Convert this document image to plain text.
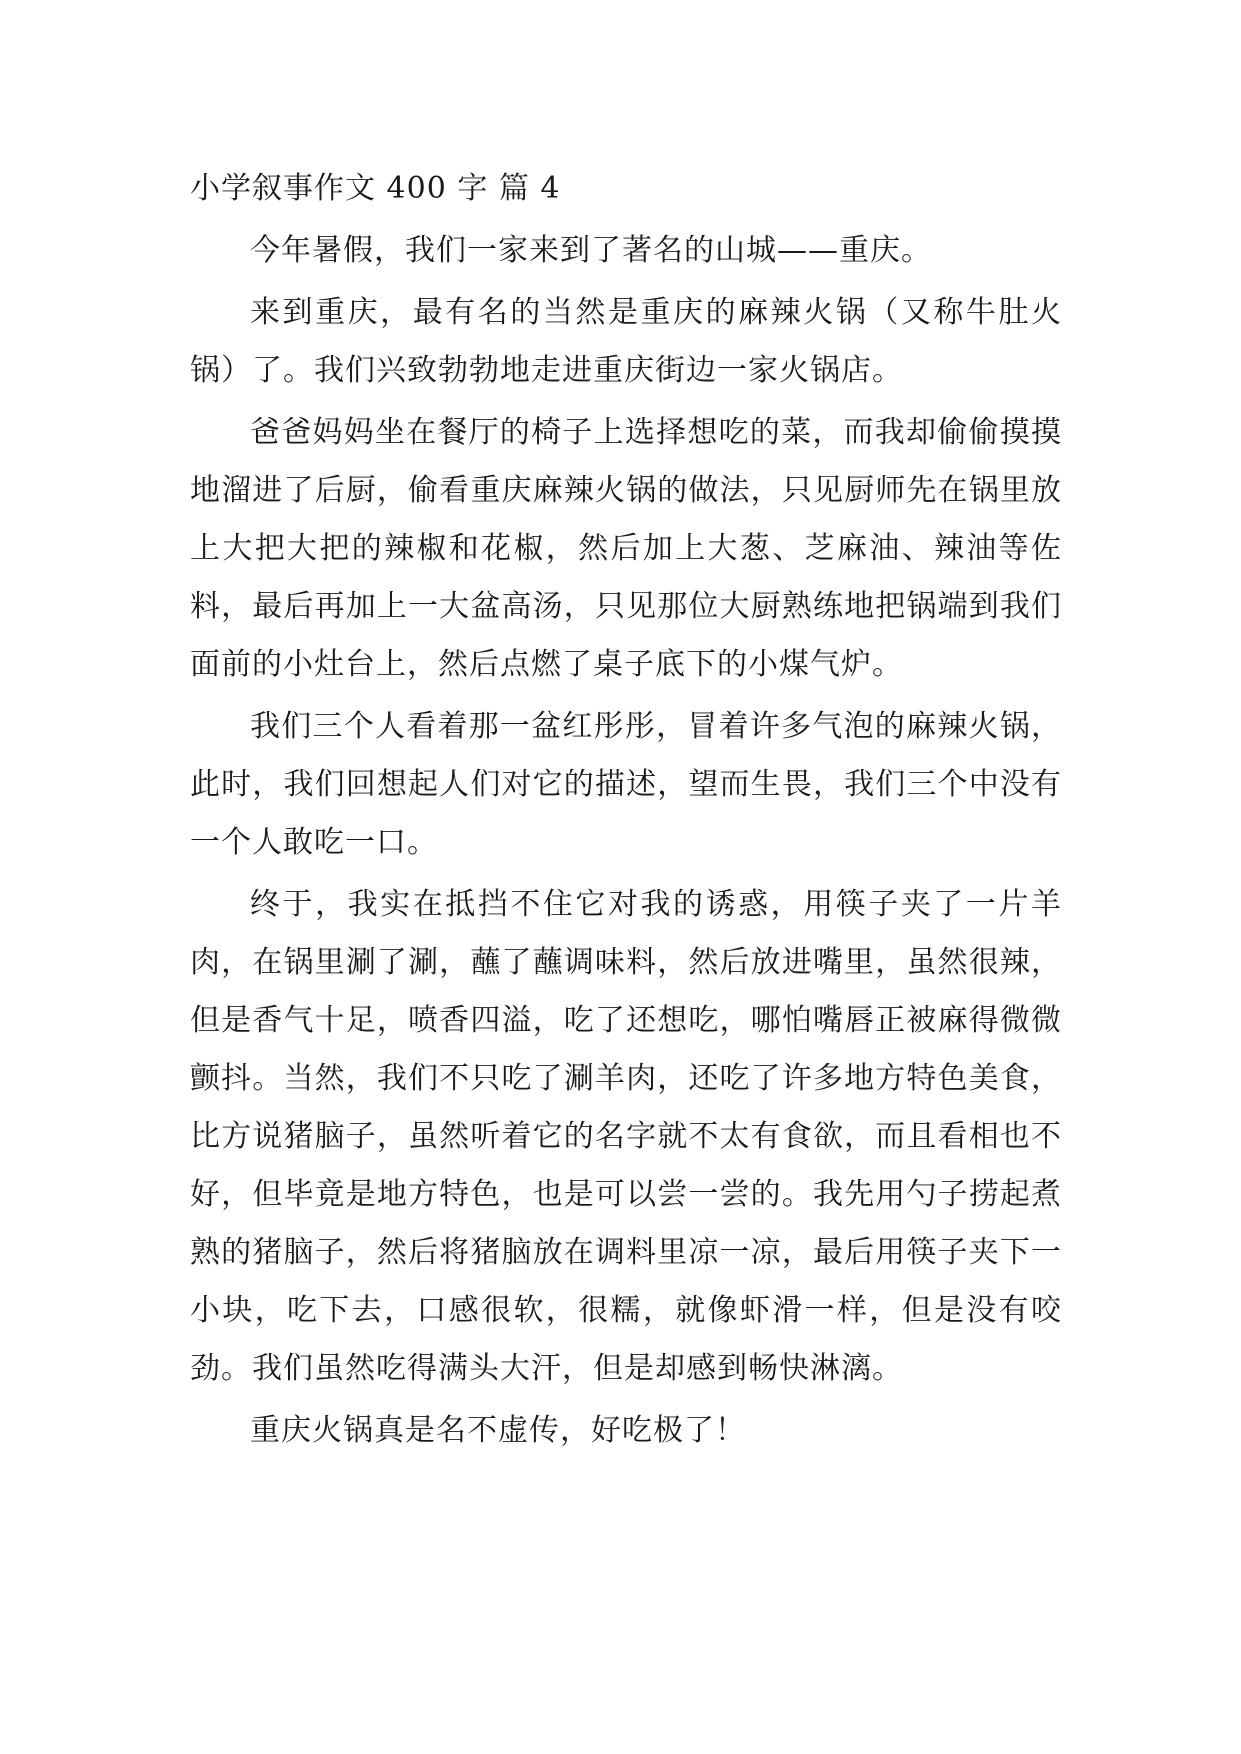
小学叙事作文 400 字 篇 4

今年暑假，我们一家来到了著名的山城——重庆。

来到重庆，最有名的当然是重庆的麻辣火锅（又称牛肚火锅）了。我们兴致勃勃地走进重庆街边一家火锅店。

爸爸妈妈坐在餐厅的椅子上选择想吃的菜，而我却偷偷摸摸地溜进了后厨，偷看重庆麻辣火锅的做法，只见厨师先在锅里放上大把大把的辣椒和花椒，然后加上大葱、芝麻油、辣油等佐料，最后再加上一大盆高汤，只见那位大厨熟练地把锅端到我们面前的小灶台上，然后点燃了桌子底下的小煤气炉。

我们三个人看着那一盆红彤彤，冒着许多气泡的麻辣火锅，此时，我们回想起人们对它的描述，望而生畏，我们三个中没有一个人敢吃一口。

终于，我实在抵挡不住它对我的诱惑，用筷子夹了一片羊肉，在锅里涮了涮，蘸了蘸调味料，然后放进嘴里，虽然很辣，但是香气十足，喷香四溢，吃了还想吃，哪怕嘴唇正被麻得微微颤抖。当然，我们不只吃了涮羊肉，还吃了许多地方特色美食，比方说猪脑子，虽然听着它的名字就不太有食欲，而且看相也不好，但毕竟是地方特色，也是可以尝一尝的。我先用勺子捞起煮熟的猪脑子，然后将猪脑放在调料里凉一凉，最后用筷子夹下一小块，吃下去，口感很软，很糯，就像虾滑一样，但是没有咬劲。我们虽然吃得满头大汗，但是却感到畅快淋漓。

重庆火锅真是名不虚传，好吃极了！
